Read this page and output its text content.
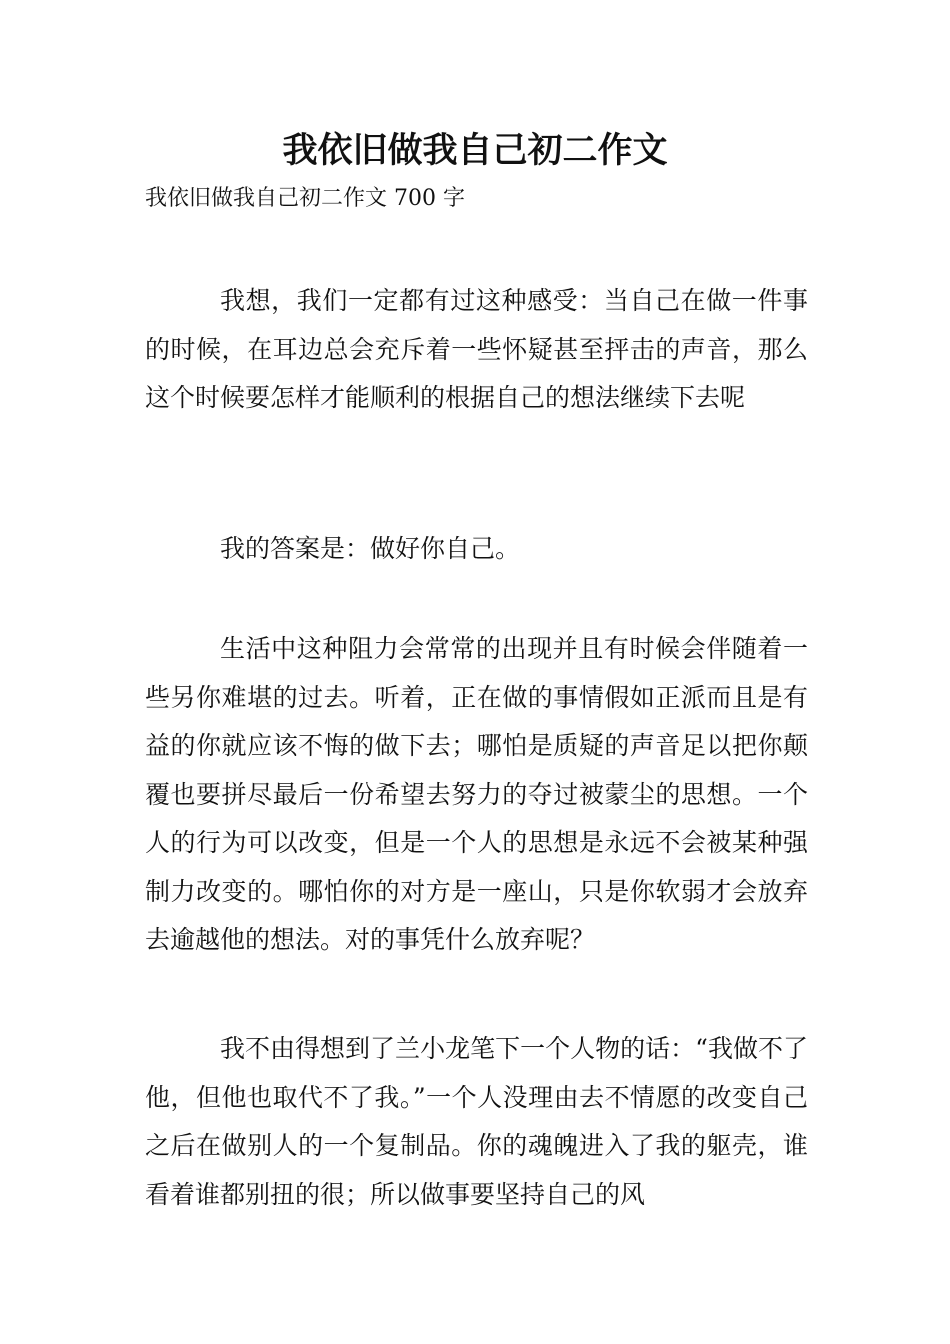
我依旧做我自己初二作文

我依旧做我自己初二作文 700 字

我想，我们一定都有过这种感受：当自己在做一件事的时候，在耳边总会充斥着一些怀疑甚至抨击的声音，那么这个时候要怎样才能顺利的根据自己的想法继续下去呢

我的答案是：做好你自己。

生活中这种阻力会常常的出现并且有时候会伴随着一些另你难堪的过去。听着，正在做的事情假如正派而且是有益的你就应该不悔的做下去；哪怕是质疑的声音足以把你颠覆也要拼尽最后一份希望去努力的夺过被蒙尘的思想。一个人的行为可以改变，但是一个人的思想是永远不会被某种强制力改变的。哪怕你的对方是一座山，只是你软弱才会放弃去逾越他的想法。对的事凭什么放弃呢？

我不由得想到了兰小龙笔下一个人物的话：“我做不了他，但他也取代不了我。”一个人没理由去不情愿的改变自己之后在做别人的一个复制品。你的魂魄进入了我的躯壳，谁看着谁都别扭的很；所以做事要坚持自己的风
